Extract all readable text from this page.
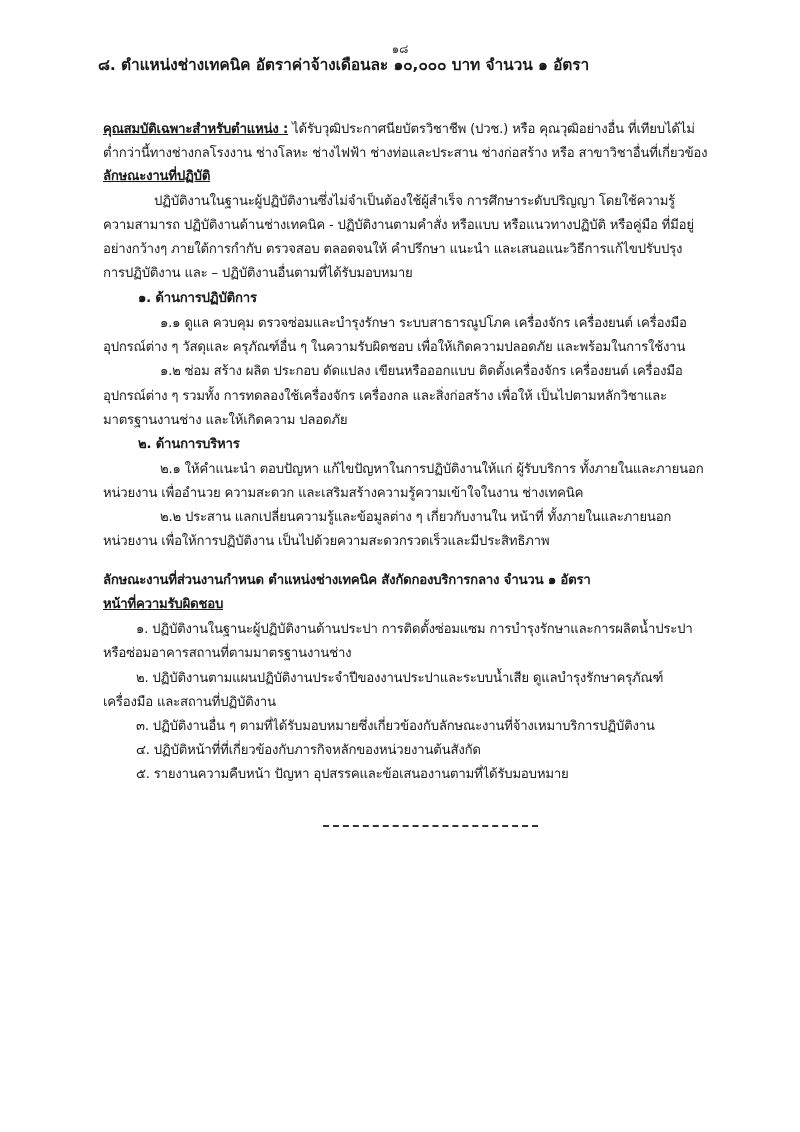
๑๘
๘. ตำแหน่งช่างเทคนิค อัตราค่าจ้างเดือนละ ๑๐,๐๐๐ บาท จำนวน ๑ อัตรา
คุณสมบัติเฉพาะสำหรับตำแหน่ง : ได้รับวุฒิประกาศนียบัตรวิชาชีพ (ปวช.) หรือ คุณวุฒิอย่างอื่น ที่เทียบได้ไม่
ต่ำกว่านี้ทางช่างกลโรงงาน ช่างโลหะ ช่างไฟฟ้า ช่างท่อและประสาน ช่างก่อสร้าง หรือ สาขาวิชาอื่นที่เกี่ยวข้อง
ลักษณะงานที่ปฏิบัติ
ปฏิบัติงานในฐานะผู้ปฏิบัติงานซึ่งไม่จำเป็นต้องใช้ผู้สำเร็จ การศึกษาระดับปริญญา โดยใช้ความรู้
ความสามารถ ปฏิบัติงานด้านช่างเทคนิค - ปฏิบัติงานตามคำสั่ง หรือแบบ หรือแนวทางปฏิบัติ หรือคู่มือ ที่มีอยู่
อย่างกว้างๆ ภายใต้การกำกับ ตรวจสอบ ตลอดจนให้ คำปรึกษา แนะนำ และเสนอแนะวิธีการแก้ไขปรับปรุง
การปฏิบัติงาน และ – ปฏิบัติงานอื่นตามที่ได้รับมอบหมาย
๑. ด้านการปฏิบัติการ
๑.๑ ดูแล ควบคุม ตรวจซ่อมและบำรุงรักษา ระบบสาธารณูปโภค เครื่องจักร เครื่องยนต์ เครื่องมือ
อุปกรณ์ต่าง ๆ วัสดุและ ครุภัณฑ์อื่น ๆ ในความรับผิดชอบ เพื่อให้เกิดความปลอดภัย และพร้อมในการใช้งาน
๑.๒ ซ่อม สร้าง ผลิต ประกอบ ดัดแปลง เขียนหรือออกแบบ ติดตั้งเครื่องจักร เครื่องยนต์ เครื่องมือ
อุปกรณ์ต่าง ๆ รวมทั้ง การทดลองใช้เครื่องจักร เครื่องกล และสิ่งก่อสร้าง เพื่อให้ เป็นไปตามหลักวิชาและ
มาตรฐานงานช่าง และให้เกิดความ ปลอดภัย
๒. ด้านการบริหาร
๒.๑ ให้คำแนะนำ ตอบปัญหา แก้ไขปัญหาในการปฏิบัติงานให้แก่ ผู้รับบริการ ทั้งภายในและภายนอก
หน่วยงาน เพื่ออำนวย ความสะดวก และเสริมสร้างความรู้ความเข้าใจในงาน ช่างเทคนิค
๒.๒ ประสาน แลกเปลี่ยนความรู้และข้อมูลต่าง ๆ เกี่ยวกับงานใน หน้าที่ ทั้งภายในและภายนอก
หน่วยงาน เพื่อให้การปฏิบัติงาน เป็นไปด้วยความสะดวกรวดเร็วและมีประสิทธิภาพ
ลักษณะงานที่ส่วนงานกำหนด ตำแหน่งช่างเทคนิค สังกัดกองบริการกลาง จำนวน ๑ อัตรา
หน้าที่ความรับผิดชอบ
๑. ปฏิบัติงานในฐานะผู้ปฏิบัติงานด้านประปา การติดตั้งซ่อมแซม การบำรุงรักษาและการผลิตน้ำประปา
หรือซ่อมอาคารสถานที่ตามมาตรฐานงานช่าง
๒. ปฏิบัติงานตามแผนปฏิบัติงานประจำปีของงานประปาและระบบน้ำเสีย ดูแลบำรุงรักษาครุภัณฑ์
เครื่องมือ และสถานที่ปฏิบัติงาน
๓. ปฏิบัติงานอื่น ๆ ตามที่ได้รับมอบหมายซึ่งเกี่ยวข้องกับลักษณะงานที่จ้างเหมาบริการปฏิบัติงาน
๔. ปฏิบัติหน้าที่ที่เกี่ยวข้องกับภารกิจหลักของหน่วยงานต้นสังกัด
๕. รายงานความคืบหน้า ปัญหา อุปสรรคและข้อเสนองานตามที่ได้รับมอบหมาย
